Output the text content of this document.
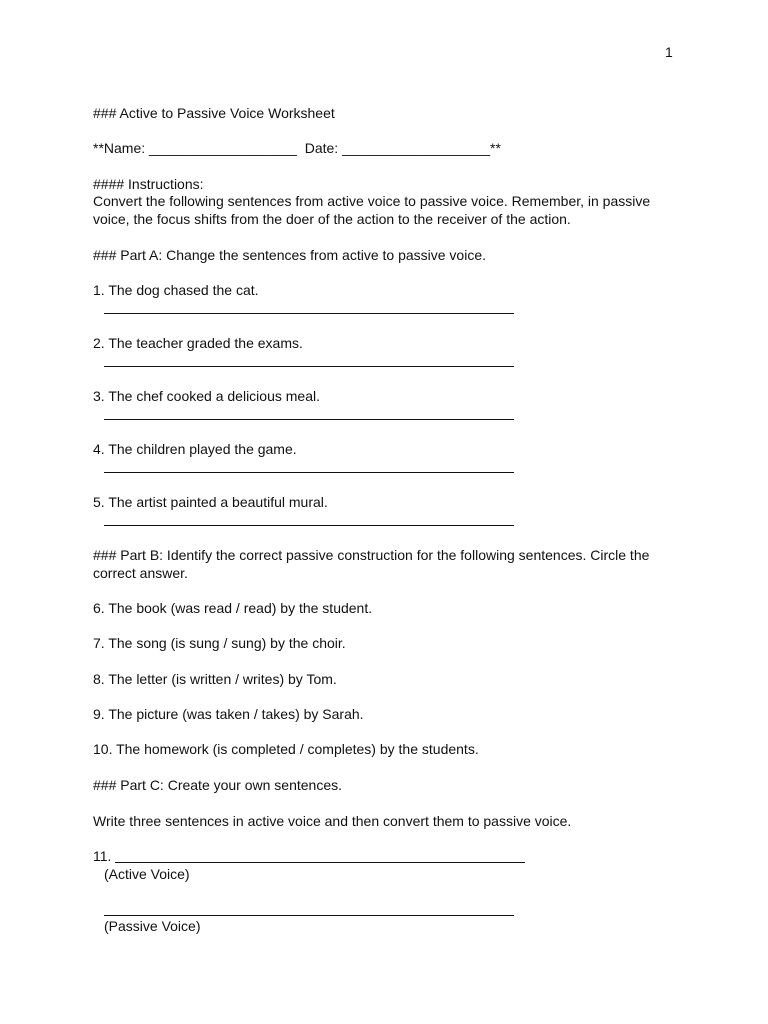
1
### Active to Passive Voice Worksheet
**Name: ___________________  Date: ___________________**
#### Instructions:
Convert the following sentences from active voice to passive voice. Remember, in passive voice, the focus shifts from the doer of the action to the receiver of the action.
### Part A: Change the sentences from active to passive voice.
1. The dog chased the cat.
2. The teacher graded the exams.
3. The chef cooked a delicious meal.
4. The children played the game.
5. The artist painted a beautiful mural.
### Part B: Identify the correct passive construction for the following sentences. Circle the correct answer.
6. The book (was read / read) by the student.
7. The song (is sung / sung) by the choir.
8. The letter (is written / writes) by Tom.
9. The picture (was taken / takes) by Sarah.
10. The homework (is completed / completes) by the students.
### Part C: Create your own sentences.
Write three sentences in active voice and then convert them to passive voice.
11.
(Active Voice)
(Passive Voice)
